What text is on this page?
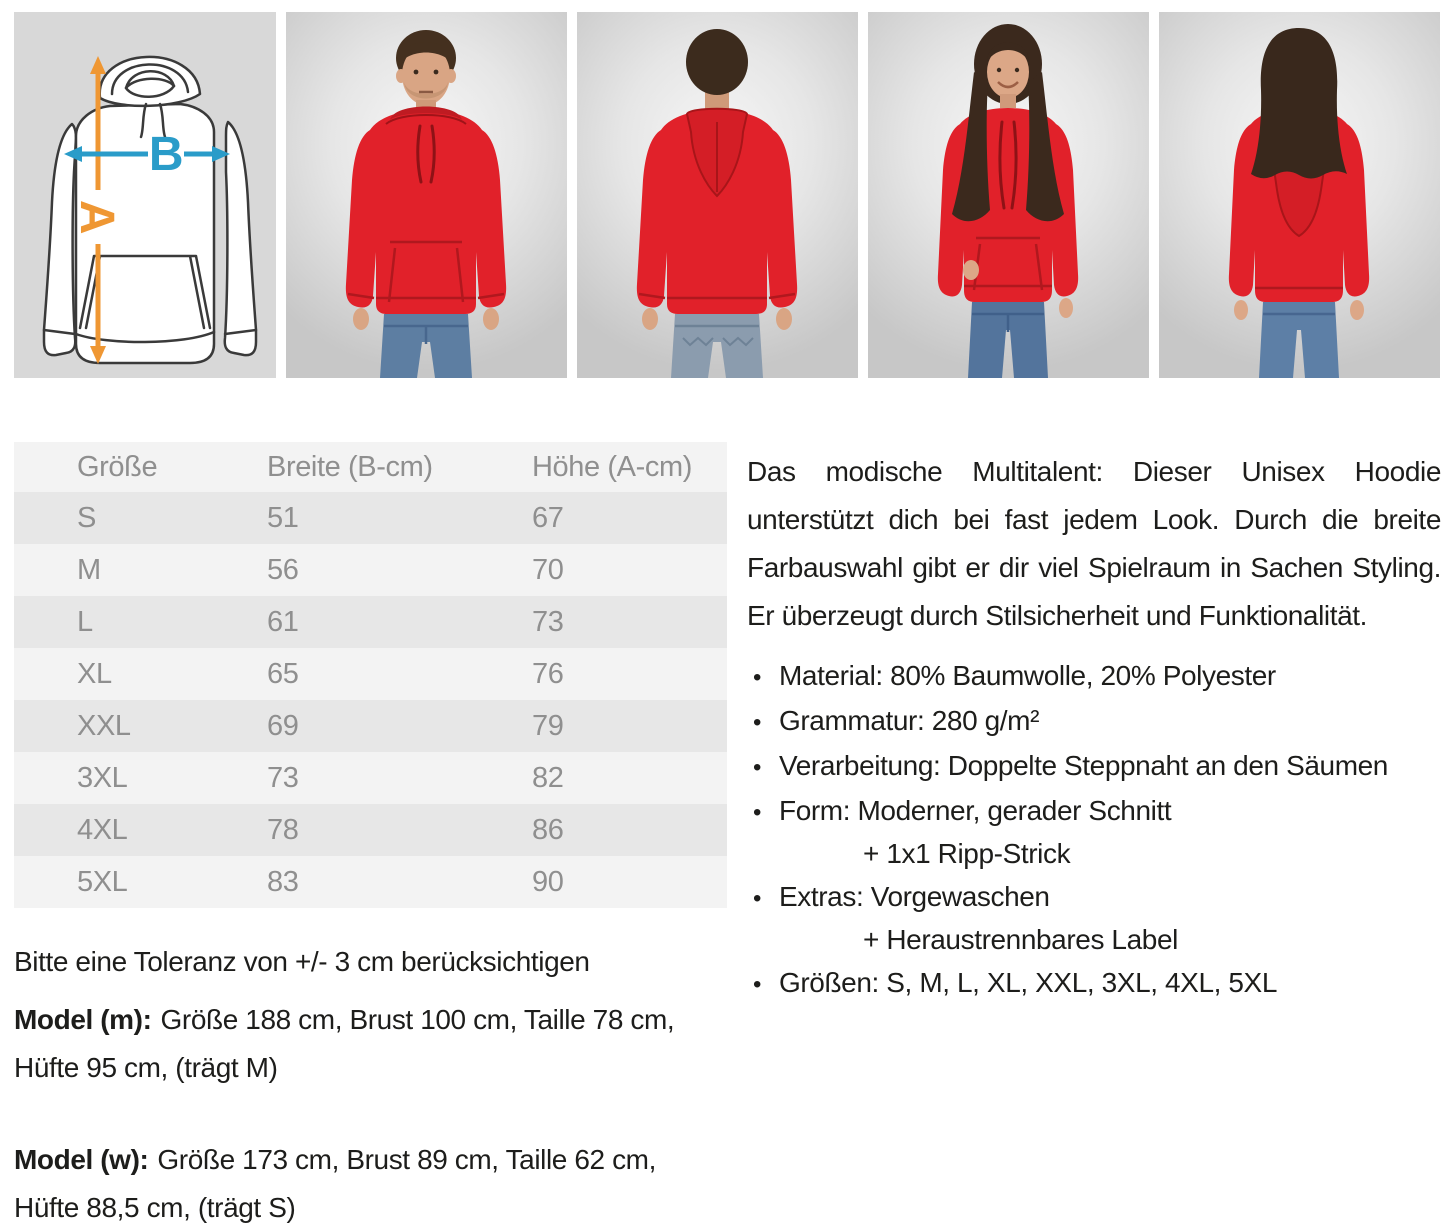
A
B
Größe	Breite (B-cm)	Höhe (A-cm)
S	51	67
M	56	70
L	61	73
XL	65	76
XXL	69	79
3XL	73	82
4XL	78	86
5XL	83	90
Bitte eine Toleranz von +/- 3 cm berücksichtigen

Model (m): Größe 188 cm, Brust 100 cm, Taille 78 cm, Hüfte 95 cm, (trägt M)

Model (w): Größe 173 cm, Brust 89 cm, Taille 62 cm, Hüfte 88,5 cm, (trägt S)

Das modische Multitalent: Dieser Unisex Hoodie unterstützt dich bei fast jedem Look. Durch die breite Farbauswahl gibt er dir viel Spielraum in Sachen Styling. Er überzeugt durch Stilsicherheit und Funktionalität.

•
Material: 80% Baumwolle, 20% Polyester
•
Grammatur: 280 g/m²
•
Verarbeitung: Doppelte Steppnaht an den Säumen
•
Form: Moderner, gerader Schnitt
+ 1x1 Ripp-Strick
•
Extras: Vorgewaschen
+ Heraustrennbares Label
•
Größen: S, M, L, XL, XXL, 3XL, 4XL, 5XL
